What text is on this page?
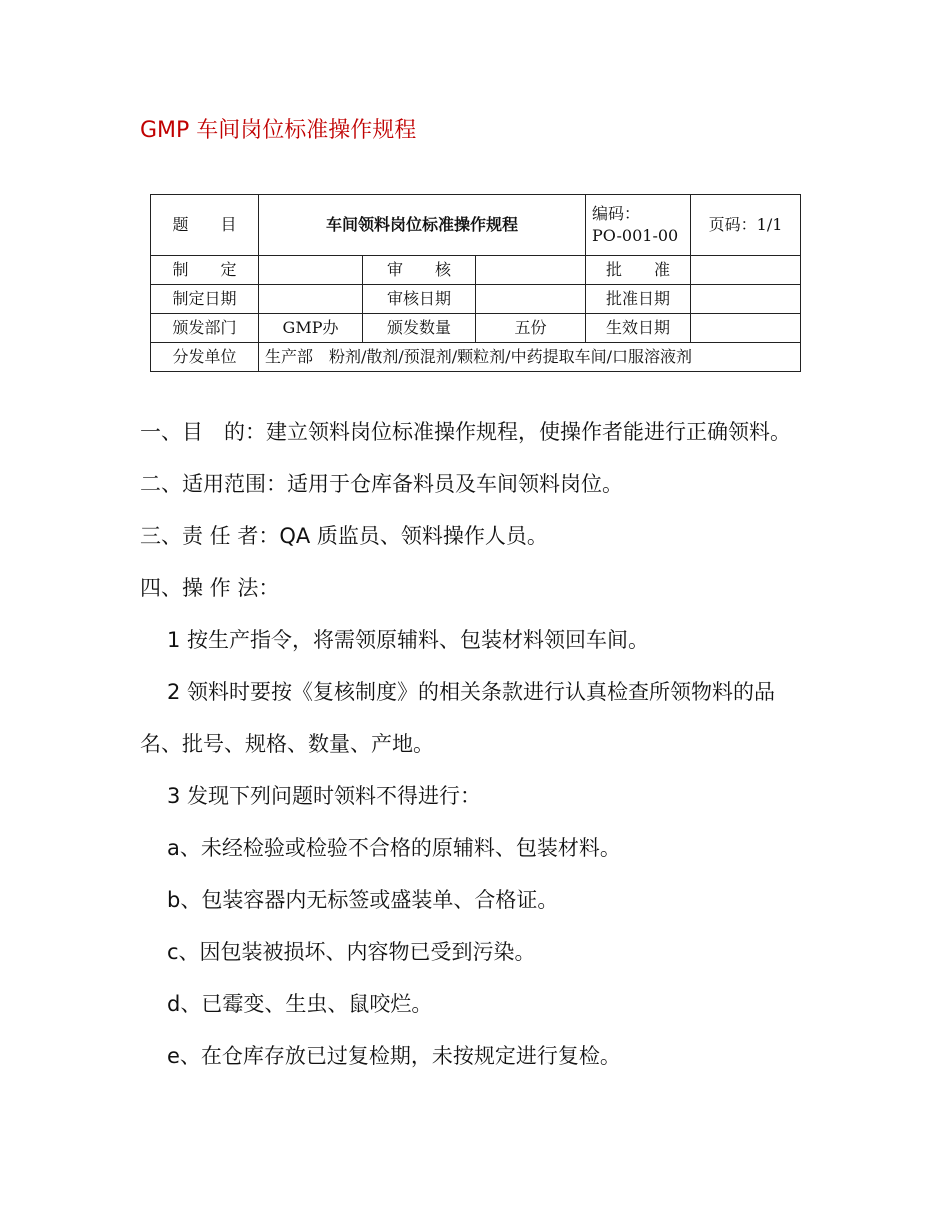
GMP 车间岗位标准操作规程
题　　目	车间领料岗位标准操作规程			编码：
PO-001-00	页码：1/1
制　　定		审　　核		批　　准	
制定日期		审核日期		批准日期	
颁发部门	GMP办	颁发数量	五份	生效日期	
分发单位	生产部　粉剂/散剂/预混剂/颗粒剂/中药提取车间/口服溶液剂				

一、目　的：建立领料岗位标准操作规程，使操作者能进行正确领料。

二、适用范围：适用于仓库备料员及车间领料岗位。

三、责 任 者：QA 质监员、领料操作人员。

四、操 作 法：

1 按生产指令，将需领原辅料、包装材料领回车间。

2 领料时要按《复核制度》的相关条款进行认真检查所领物料的品名、批号、规格、数量、产地。

3 发现下列问题时领料不得进行：

a、未经检验或检验不合格的原辅料、包装材料。

b、包装容器内无标签或盛装单、合格证。

c、因包装被损坏、内容物已受到污染。

d、已霉变、生虫、鼠咬烂。

e、在仓库存放已过复检期，未按规定进行复检。
